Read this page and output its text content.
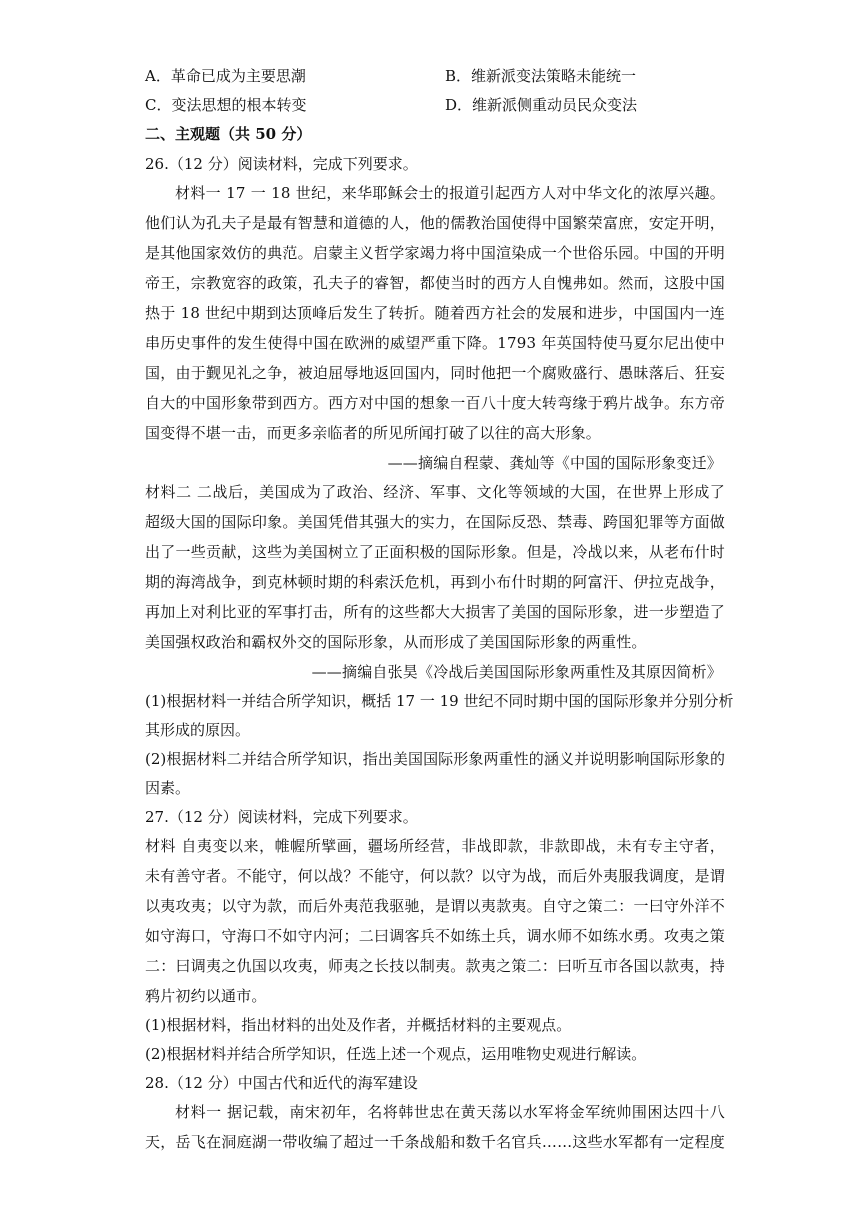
A．革命已成为主要思潮	B．维新派变法策略未能统一
C．变法思想的根本转变	D．维新派侧重动员民众变法
二、主观题（共 50 分）
26.（12 分）阅读材料，完成下列要求。
材料一 17 一 18 世纪，来华耶稣会士的报道引起西方人对中华文化的浓厚兴趣。
他们认为孔夫子是最有智慧和道德的人，他的儒教治国使得中国繁荣富庶，安定开明，
是其他国家效仿的典范。启蒙主义哲学家竭力将中国渲染成一个世俗乐园。中国的开明
帝王，宗教宽容的政策，孔夫子的睿智，都使当时的西方人自愧弗如。然而，这股中国
热于 18 世纪中期到达顶峰后发生了转折。随着西方社会的发展和进步，中国国内一连
串历史事件的发生使得中国在欧洲的威望严重下降。1793 年英国特使马夏尔尼出使中
国，由于觐见礼之争，被迫屈辱地返回国内，同时他把一个腐败盛行、愚昧落后、狂妄
自大的中国形象带到西方。西方对中国的想象一百八十度大转弯缘于鸦片战争。东方帝
国变得不堪一击，而更多亲临者的所见所闻打破了以往的高大形象。
——摘编自程蒙、龚灿等《中国的国际形象变迁》
材料二 二战后，美国成为了政治、经济、军事、文化等领域的大国，在世界上形成了
超级大国的国际印象。美国凭借其强大的实力，在国际反恐、禁毒、跨国犯罪等方面做
出了一些贡献，这些为美国树立了正面积极的国际形象。但是，冷战以来，从老布什时
期的海湾战争，到克林顿时期的科索沃危机，再到小布什时期的阿富汗、伊拉克战争，
再加上对利比亚的军事打击，所有的这些都大大损害了美国的国际形象，进一步塑造了
美国强权政治和霸权外交的国际形象，从而形成了美国国际形象的两重性。
——摘编自张昊《冷战后美国国际形象两重性及其原因简析》
(1)根据材料一并结合所学知识，概括 17 一 19 世纪不同时期中国的国际形象并分别分析
其形成的原因。
(2)根据材料二并结合所学知识，指出美国国际形象两重性的涵义并说明影响国际形象的
因素。
27.（12 分）阅读材料，完成下列要求。
材料 自夷变以来，帷幄所擘画，疆场所经营，非战即款，非款即战，未有专主守者，
未有善守者。不能守，何以战？不能守，何以款？以守为战，而后外夷服我调度，是谓
以夷攻夷；以守为款，而后外夷范我驱驰，是谓以夷款夷。自守之策二：一曰守外洋不
如守海口，守海口不如守内河；二曰调客兵不如练土兵，调水师不如练水勇。攻夷之策
二：曰调夷之仇国以攻夷，师夷之长技以制夷。款夷之策二：曰听互市各国以款夷，持
鸦片初约以通市。
(1)根据材料，指出材料的出处及作者，并概括材料的主要观点。
(2)根据材料并结合所学知识，任选上述一个观点，运用唯物史观进行解读。
28.（12 分）中国古代和近代的海军建设
材料一 据记载，南宋初年，名将韩世忠在黄天荡以水军将金军统帅围困达四十八
天，岳飞在洞庭湖一带收编了超过一千条战船和数千名官兵……这些水军都有一定程度
